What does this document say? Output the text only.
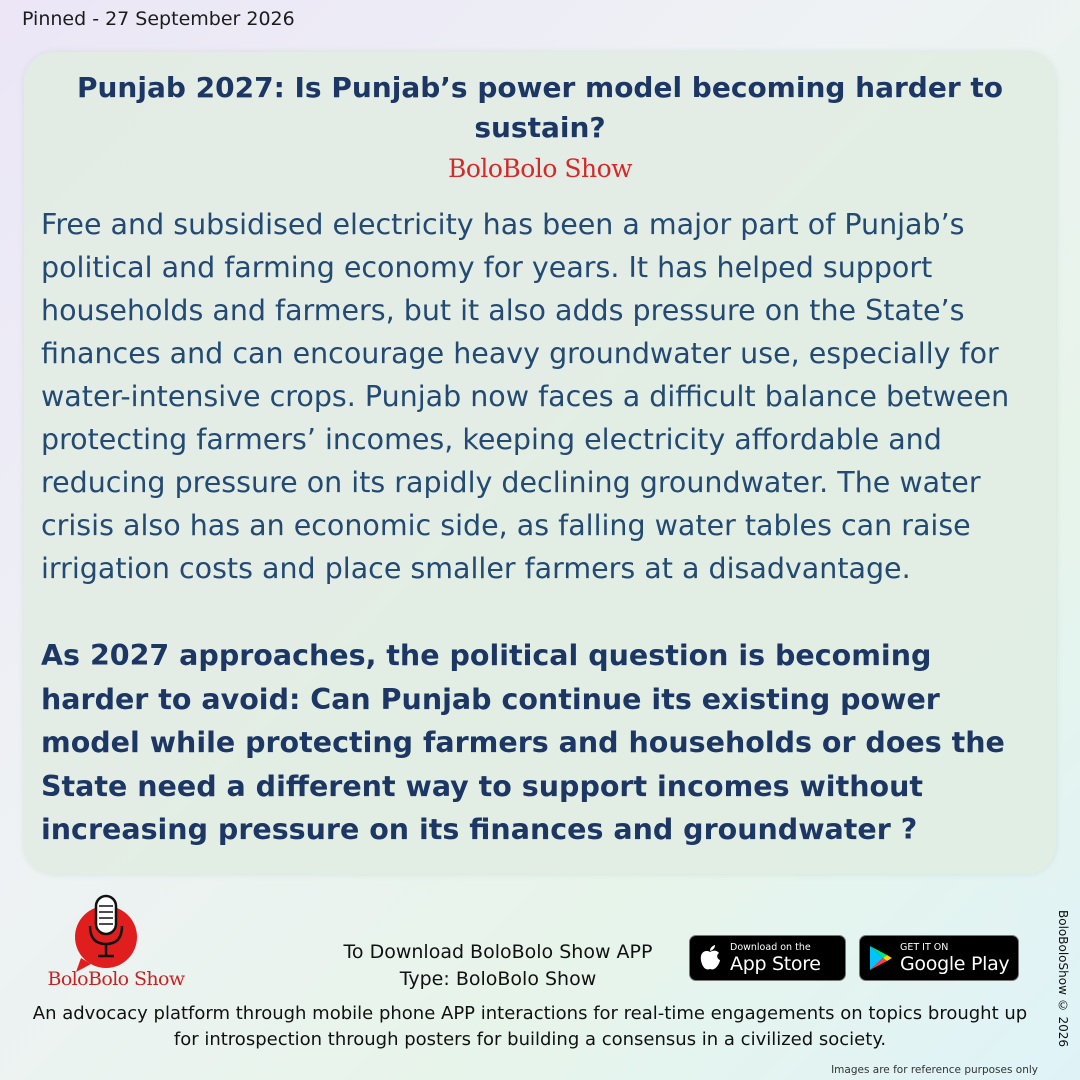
Pinned - 27 September 2026
Punjab 2027: Is Punjab’s power model becoming harder to sustain?
BoloBolo Show

Free and subsidised electricity has been a major part of Punjab’s political and farming economy for years. It has helped support households and farmers, but it also adds pressure on the State’s finances and can encourage heavy groundwater use, especially for water-intensive crops. Punjab now faces a difficult balance between protecting farmers’ incomes, keeping electricity affordable and reducing pressure on its rapidly declining groundwater. The water crisis also has an economic side, as falling water tables can raise irrigation costs and place smaller farmers at a disadvantage.

As 2027 approaches, the political question is becoming harder to avoid: Can Punjab continue its existing power model while protecting farmers and households or does the State need a different way to support incomes without increasing pressure on its finances and groundwater ?

BoloBolo Show
To Download BoloBolo Show APP
Type: BoloBolo Show
Download on the
App Store
GET IT ON
Google Play
An advocacy platform through mobile phone APP interactions for real-time engagements on topics brought up for introspection through posters for building a consensus in a civilized society.	BoloBoloShow © 2026
Images are for reference purposes only
